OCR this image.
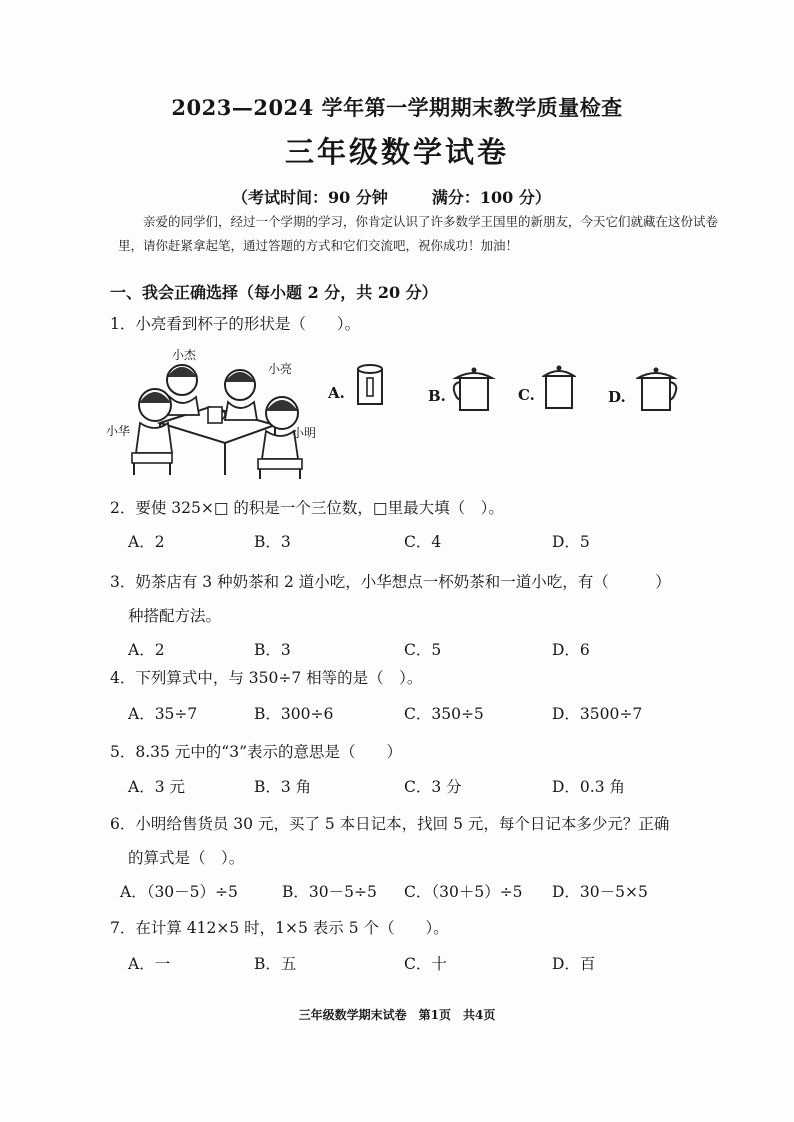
2023—2024 学年第一学期期末教学质量检查
三年级数学试卷
（考试时间：90 分钟	满分：100 分）
亲爱的同学们，经过一个学期的学习，你肯定认识了许多数学王国里的新朋友，今天它们就藏在这份试卷里，请你赶紧拿起笔，通过答题的方式和它们交流吧，祝你成功！加油！
一、我会正确选择（每小题 2 分，共 20 分）
1．小亮看到杯子的形状是（　　）。
小杰
小亮
小华	小明
A.	B.	C.	D.
2．要使 325×□ 的积是一个三位数，□里最大填（　）。
A．2	B．3	C．4	D．5
3．奶茶店有 3 种奶茶和 2 道小吃，小华想点一杯奶茶和一道小吃，有（　　　）
种搭配方法。
A．2	B．3	C．5	D．6
4．下列算式中，与 350÷7 相等的是（　）。
A．35÷7	B．300÷6	C．350÷5	D．3500÷7
5．8.35 元中的“3”表示的意思是（　　）
A．3 元	B．3 角	C．3 分	D．0.3 角
6．小明给售货员 30 元，买了 5 本日记本，找回 5 元，每个日记本多少元？正确
的算式是（　）。
A．（30－5）÷5	B．30－5÷5 C．（30＋5）÷5 D．30－5×5
7．在计算 412×5 时，1×5 表示 5 个（　　）。
A．一	B．五	C．十	D．百
三年级数学期末试卷　第1页　共4页
